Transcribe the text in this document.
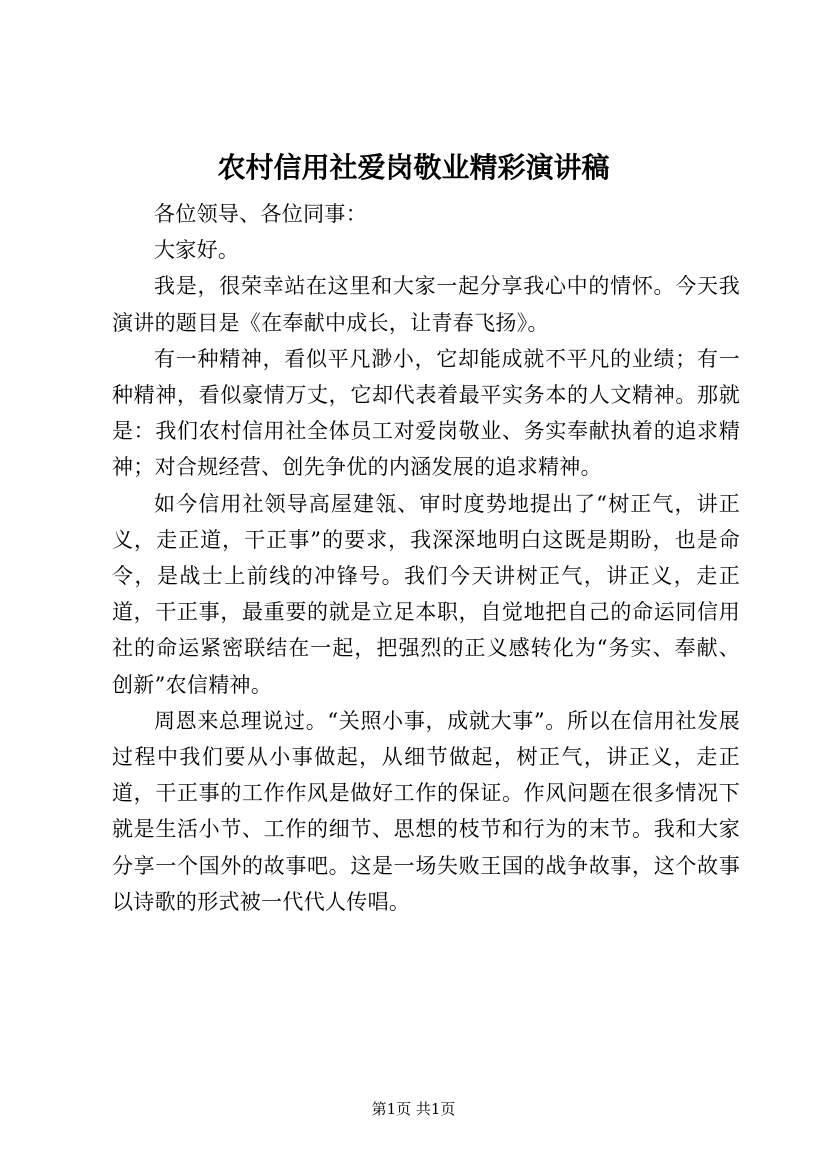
农村信用社爱岗敬业精彩演讲稿

各位领导、各位同事：

大家好。

我是，很荣幸站在这里和大家一起分享我心中的情怀。今天我演讲的题目是《在奉献中成长，让青春飞扬》。

有一种精神，看似平凡渺小，它却能成就不平凡的业绩；有一种精神，看似豪情万丈，它却代表着最平实务本的人文精神。那就是：我们农村信用社全体员工对爱岗敬业、务实奉献执着的追求精神；对合规经营、创先争优的内涵发展的追求精神。

如今信用社领导高屋建瓴、审时度势地提出了“树正气，讲正义，走正道，干正事”的要求，我深深地明白这既是期盼，也是命令，是战士上前线的冲锋号。我们今天讲树正气，讲正义，走正道，干正事，最重要的就是立足本职，自觉地把自己的命运同信用社的命运紧密联结在一起，把强烈的正义感转化为“务实、奉献、创新”农信精神。

周恩来总理说过。“关照小事，成就大事”。所以在信用社发展过程中我们要从小事做起，从细节做起，树正气，讲正义，走正道，干正事的工作作风是做好工作的保证。作风问题在很多情况下就是生活小节、工作的细节、思想的枝节和行为的末节。我和大家分享一个国外的故事吧。这是一场失败王国的战争故事，这个故事以诗歌的形式被一代代人传唱。

第1页 共1页
